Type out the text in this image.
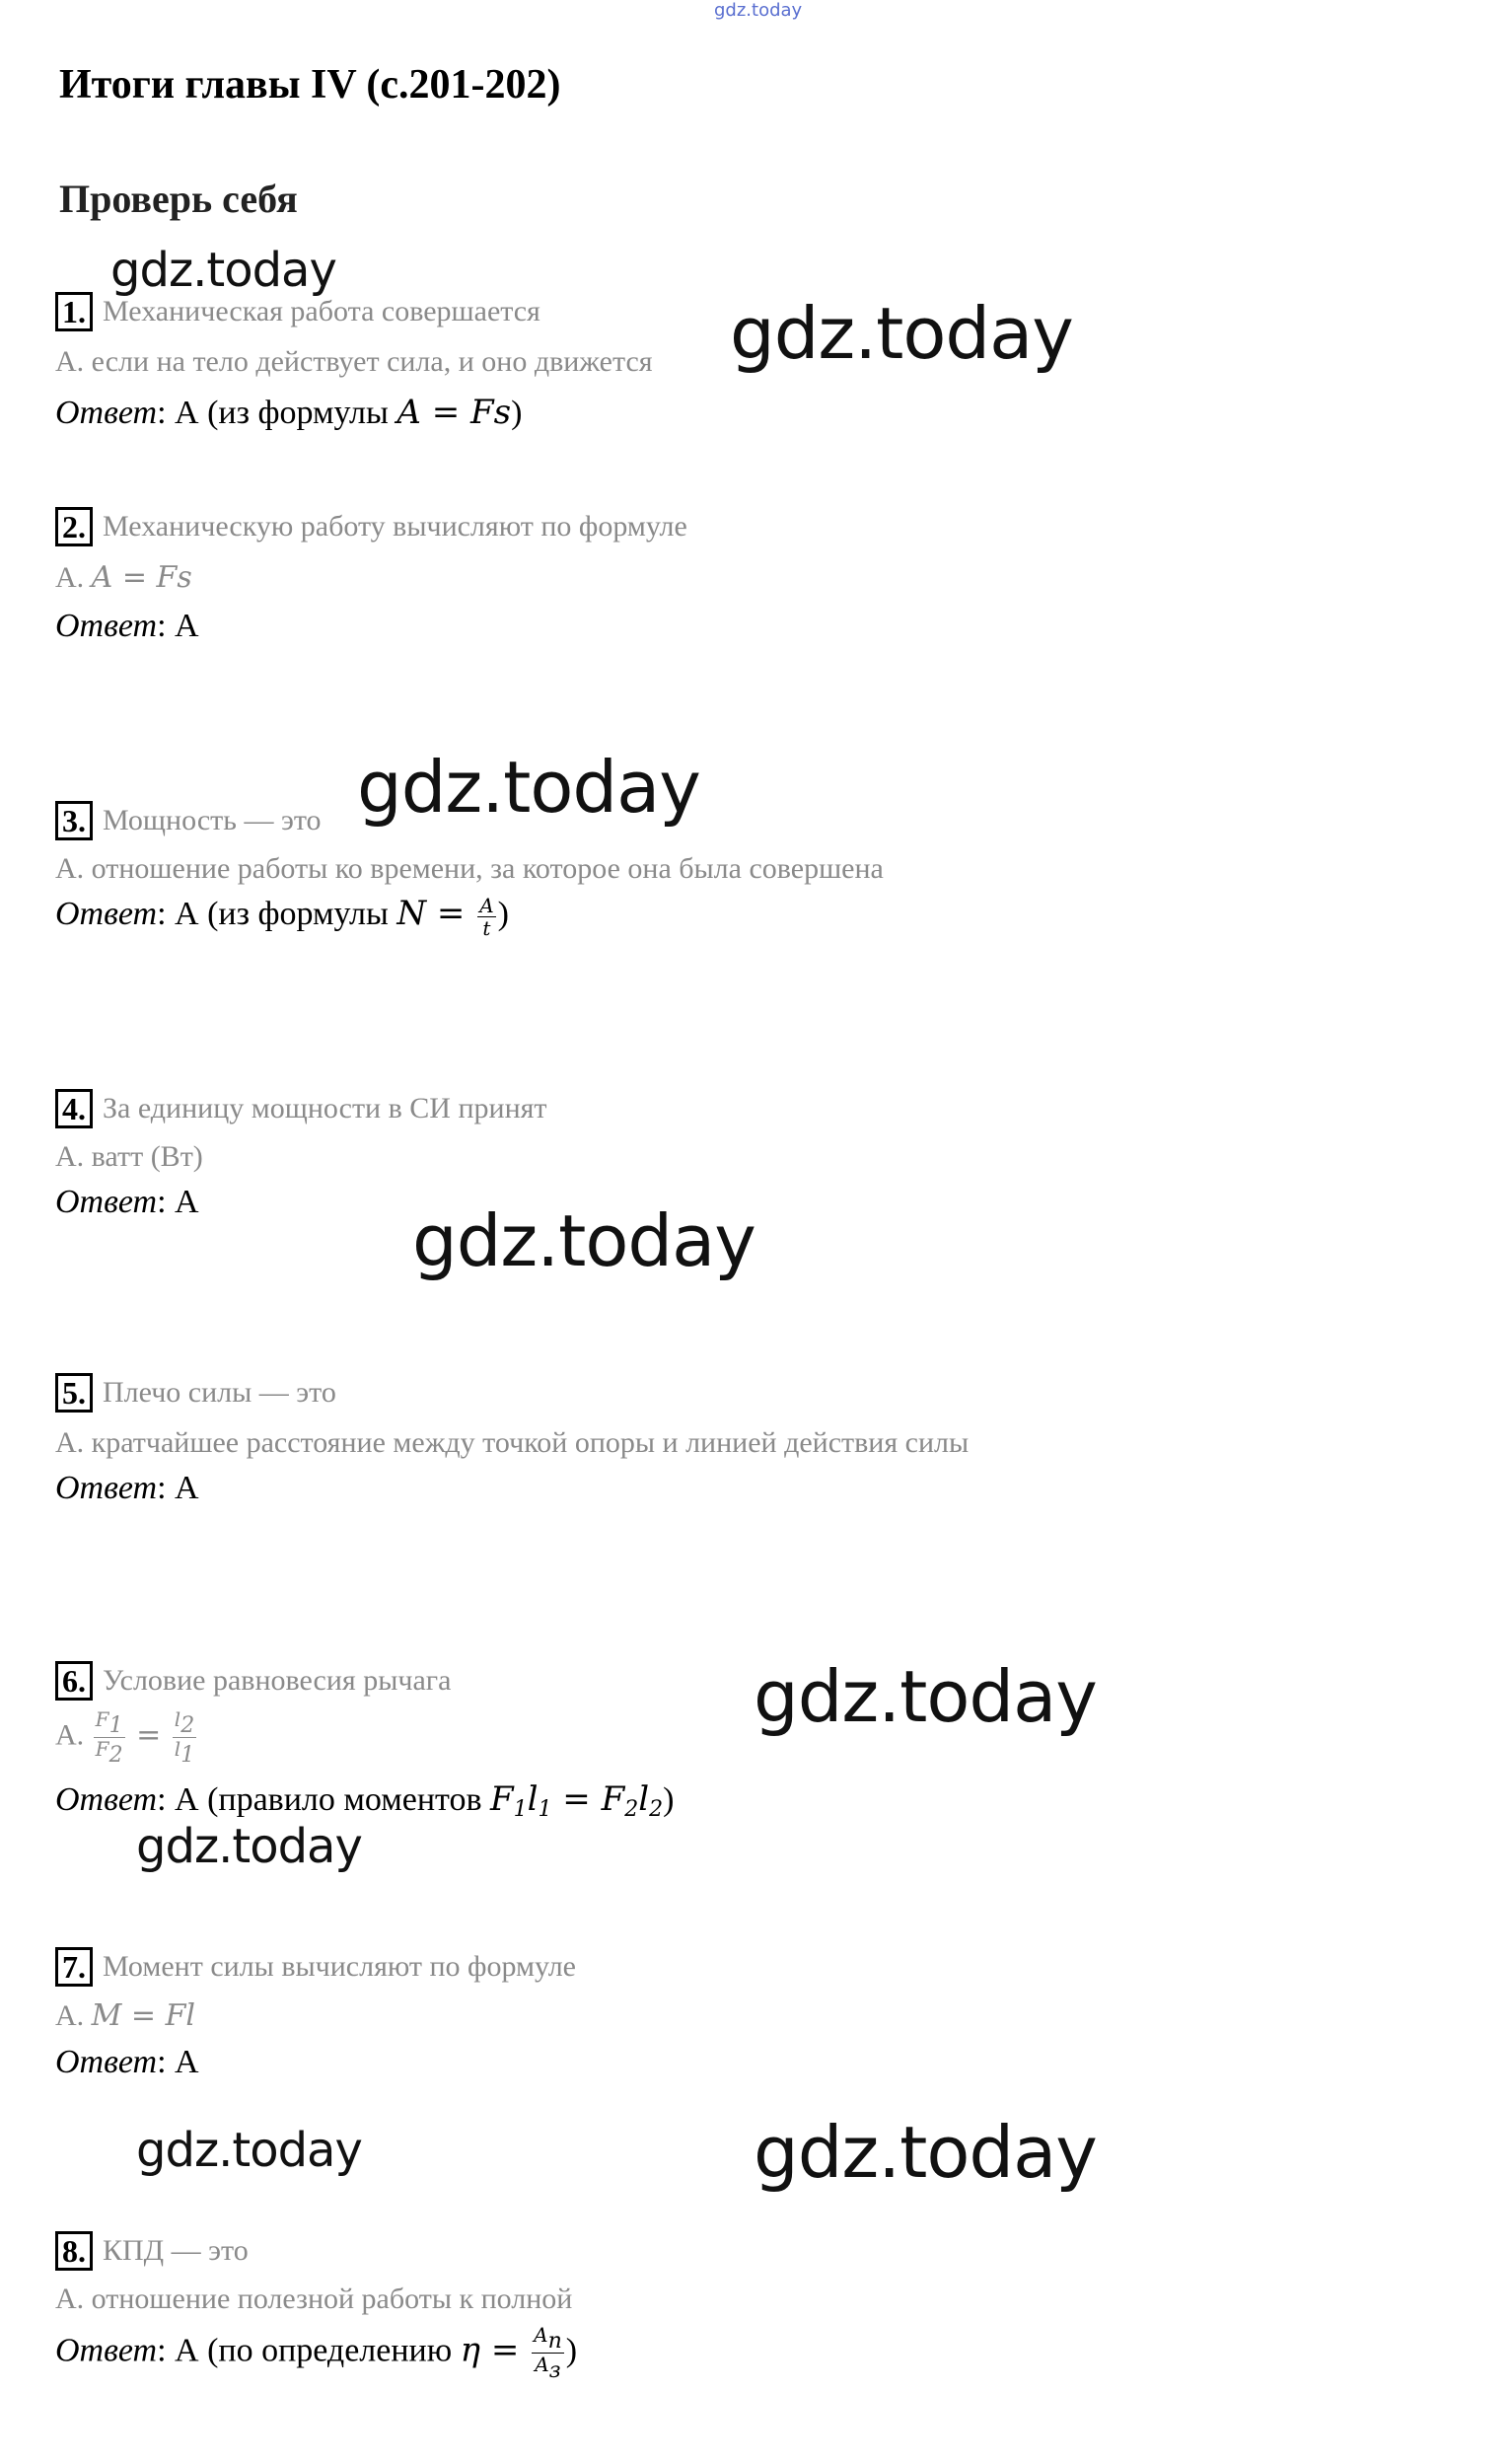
gdz.today
Итоги главы IV (с.201-202)
Проверь себя
gdz.today
gdz.today
gdz.today
gdz.today
gdz.today
gdz.today
gdz.today	gdz.today
1. Механическая работа совершается
А. если на тело действует сила, и оно движется
Ответ: А (из формулы A = Fs)
2. Механическую работу вычисляют по формуле
А. A = Fs
Ответ: А
3. Мощность — это
А. отношение работы ко времени, за которое она была совершена
Ответ: А (из формулы $N = \frac{A}{t}$ )
4. За единицу мощности в СИ принят
А. ватт (Вт)
Ответ: А
5. Плечо силы — это
А. кратчайшее расстояние между точкой опоры и линией действия силы
Ответ: А
6. Условие равновесия рычага
А. $\frac{F1}{F2} = \frac{l2}{l1}$
Ответ: А (правило моментов $F_1l_1 = F_2l_2$)
7. Момент силы вычисляют по формуле
А. M = Fl
Ответ: А
8. КПД — это
А. отношение полезной работы к полной
Ответ: А (по определению $\eta = \frac{Aп}{Aз}$ )
